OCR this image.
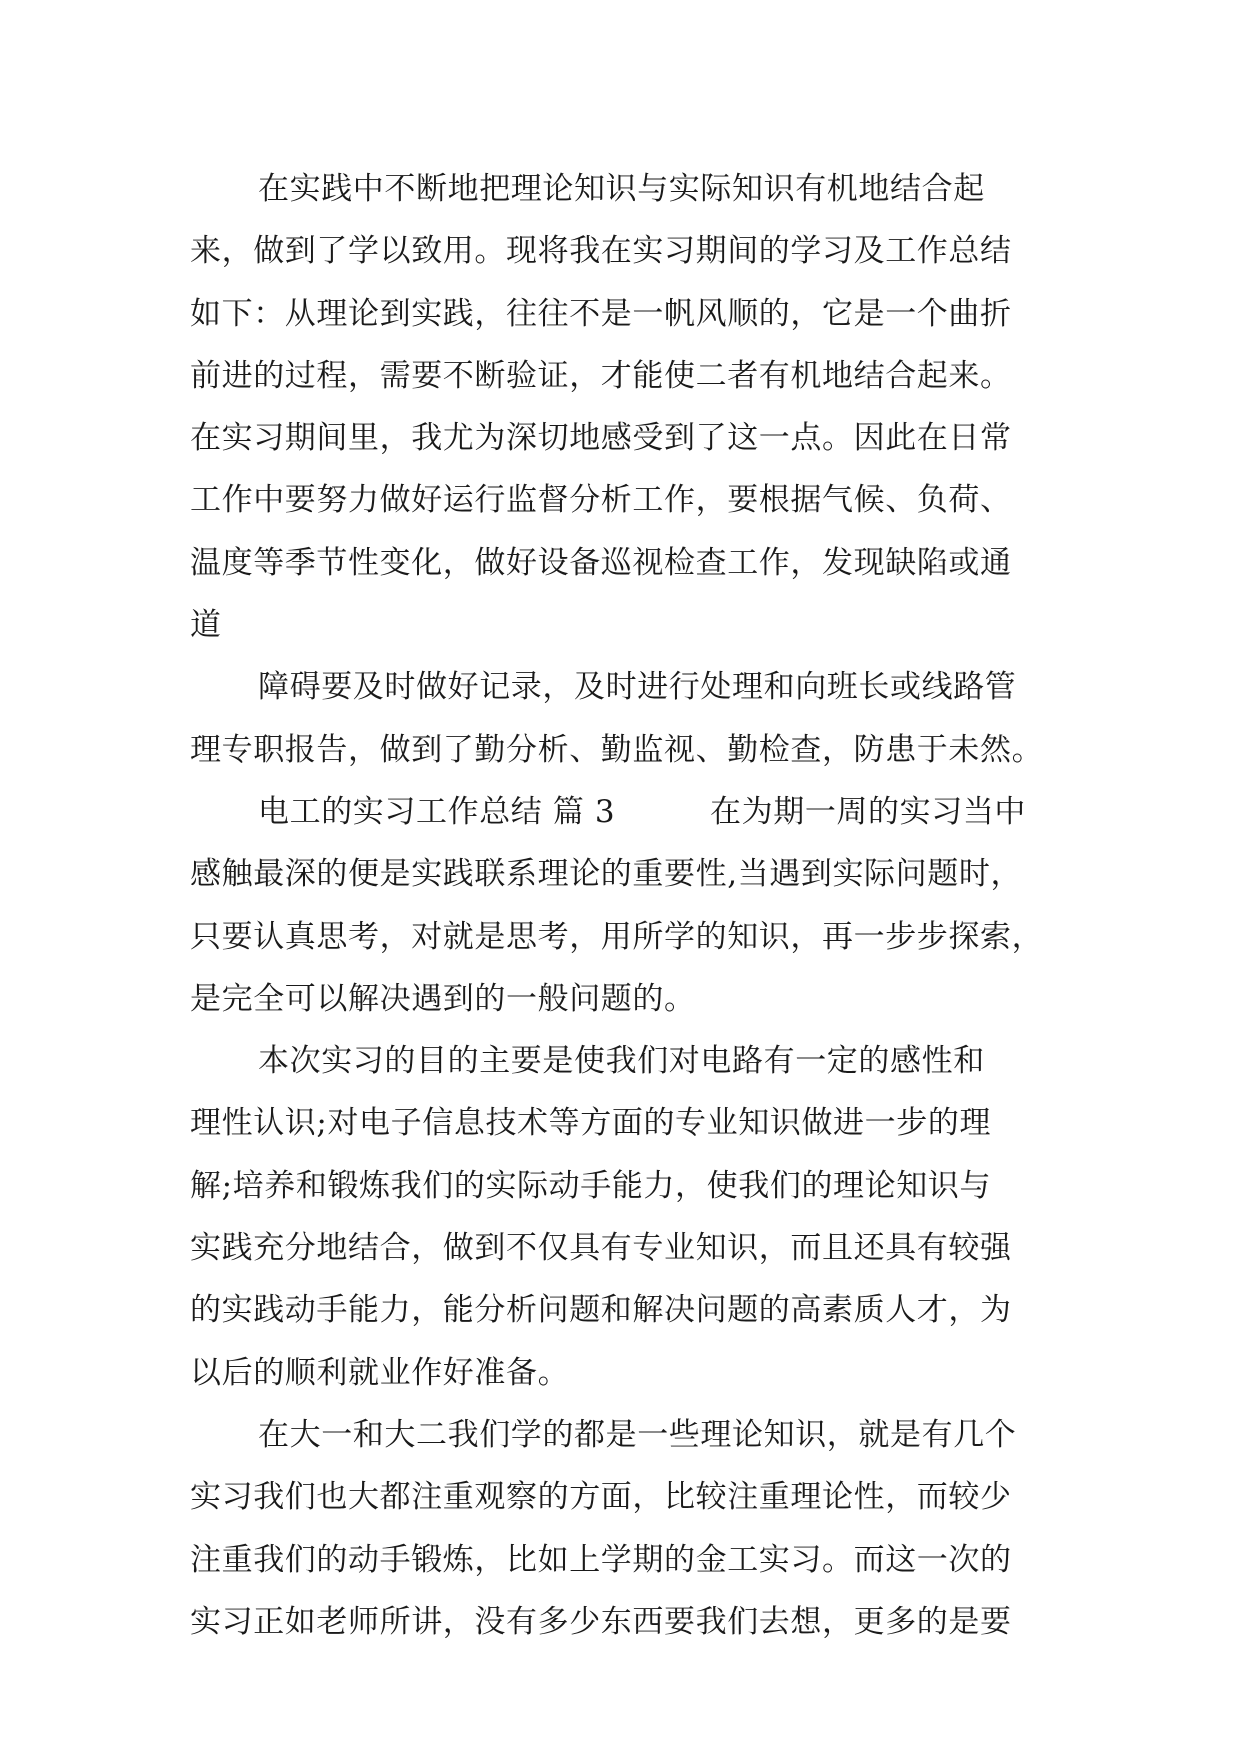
在实践中不断地把理论知识与实际知识有机地结合起
来，做到了学以致用。现将我在实习期间的学习及工作总结
如下：从理论到实践，往往不是一帆风顺的，它是一个曲折
前进的过程，需要不断验证，才能使二者有机地结合起来。
在实习期间里，我尤为深切地感受到了这一点。因此在日常
工作中要努力做好运行监督分析工作，要根据气候、负荷、
温度等季节性变化，做好设备巡视检查工作，发现缺陷或通
道
障碍要及时做好记录，及时进行处理和向班长或线路管
理专职报告，做到了勤分析、勤监视、勤检查，防患于未然。
电工的实习工作总结 篇 3　　　在为期一周的实习当中
感触最深的便是实践联系理论的重要性,当遇到实际问题时，
只要认真思考，对就是思考，用所学的知识，再一步步探索，
是完全可以解决遇到的一般问题的。
本次实习的目的主要是使我们对电路有一定的感性和
理性认识;对电子信息技术等方面的专业知识做进一步的理
解;培养和锻炼我们的实际动手能力，使我们的理论知识与
实践充分地结合，做到不仅具有专业知识，而且还具有较强
的实践动手能力，能分析问题和解决问题的高素质人才，为
以后的顺利就业作好准备。
在大一和大二我们学的都是一些理论知识，就是有几个
实习我们也大都注重观察的方面，比较注重理论性，而较少
注重我们的动手锻炼，比如上学期的金工实习。而这一次的
实习正如老师所讲，没有多少东西要我们去想，更多的是要
